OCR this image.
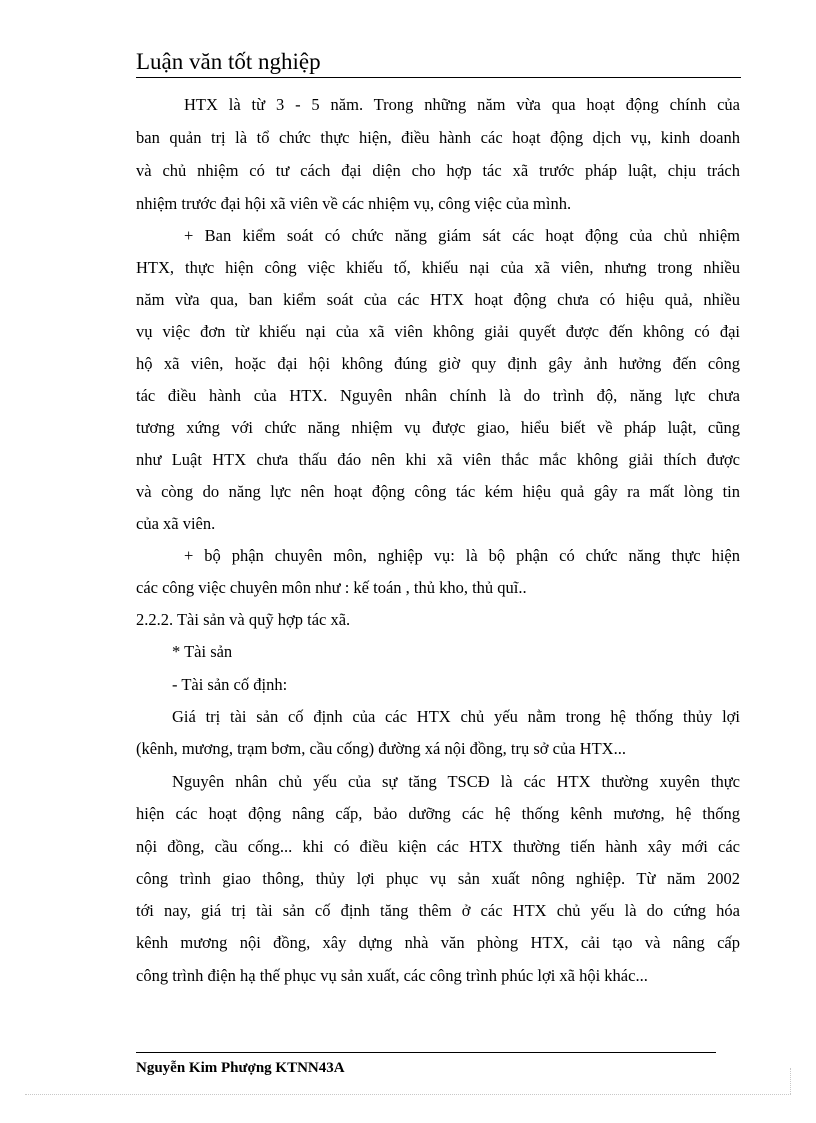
Luận văn tốt nghiệp
HTX là từ 3 - 5 năm. Trong những năm vừa qua hoạt động chính của
ban quản trị là tổ chức thực hiện, điều hành các hoạt động dịch vụ, kinh doanh
và chủ nhiệm có tư cách đại diện cho hợp tác xã trước pháp luật, chịu trách
nhiệm trước đại hội xã viên về các nhiệm vụ, công việc của mình.
+ Ban kiểm soát có chức năng giám sát các hoạt động của chủ nhiệm
HTX, thực hiện công việc khiếu tố, khiếu nại của xã viên, nhưng trong nhiều
năm vừa qua, ban kiểm soát của các HTX hoạt động chưa có hiệu quả, nhiều
vụ việc đơn từ khiếu nại của xã viên không giải quyết được đến không có đại
hộ xã viên, hoặc đại hội không đúng giờ quy định gây ảnh hưởng đến công
tác điều hành của HTX. Nguyên nhân chính là do trình độ, năng lực chưa
tương xứng với chức năng nhiệm vụ được giao, hiểu biết về pháp luật, cũng
như Luật HTX chưa thấu đáo nên khi xã viên thắc mắc không giải thích được
và còng do năng lực nên hoạt động công tác kém hiệu quả gây ra mất lòng tin
của xã viên.
+ bộ phận chuyên môn, nghiệp vụ: là bộ phận có chức năng thực hiện
các công việc chuyên môn như : kế toán , thủ kho, thủ quĩ..
2.2.2. Tài sản và quỹ hợp tác xã.
* Tài sản
- Tài sản cố định:
Giá trị tài sản cố định của các HTX chủ yếu nằm trong hệ thống thủy lợi
(kênh, mương, trạm bơm, cầu cống) đường xá nội đồng, trụ sở của HTX...
Nguyên nhân chủ yếu của sự tăng TSCĐ là các HTX thường xuyên thực
hiện các hoạt động nâng cấp, bảo dưỡng các hệ thống kênh mương, hệ thống
nội đồng, cầu cống... khi có điều kiện các HTX thường tiến hành xây mới các
công trình giao thông, thủy lợi phục vụ sản xuất nông nghiệp. Từ năm 2002
tới nay, giá trị tài sản cố định tăng thêm ở các HTX chủ yếu là do cứng hóa
kênh mương nội đồng, xây dựng nhà văn phòng HTX, cải tạo và nâng cấp
công trình điện hạ thế phục vụ sản xuất, các công trình phúc lợi xã hội khác...
Nguyễn Kim Phượng KTNN43A
